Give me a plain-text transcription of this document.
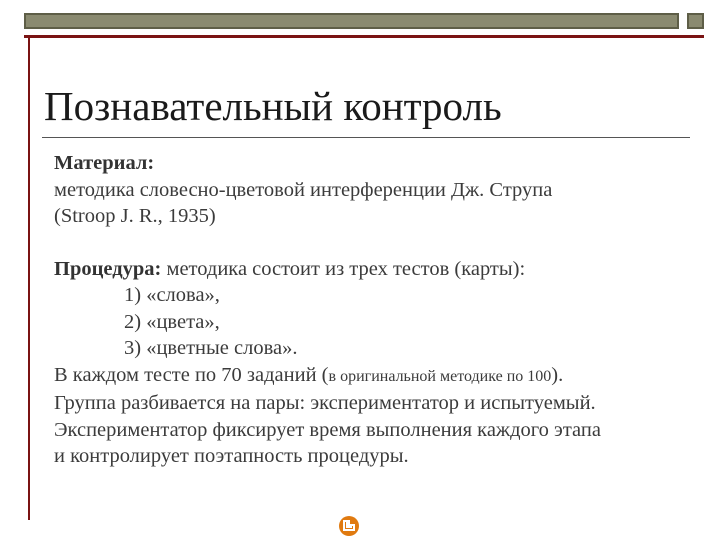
Познавательный контроль
Материал:
методика словесно-цветовой интерференции Дж. Струпа
(Stroop J. R., 1935)
Процедура: методика состоит из трех тестов (карты):
1) «слова»,
2) «цвета»,
3) «цветные слова».
В каждом тесте по 70 заданий (в оригинальной методике по 100).
Группа разбивается на пары: экспериментатор и испытуемый.
Экспериментатор фиксирует время выполнения каждого этапа
и контролирует поэтапность процедуры.
